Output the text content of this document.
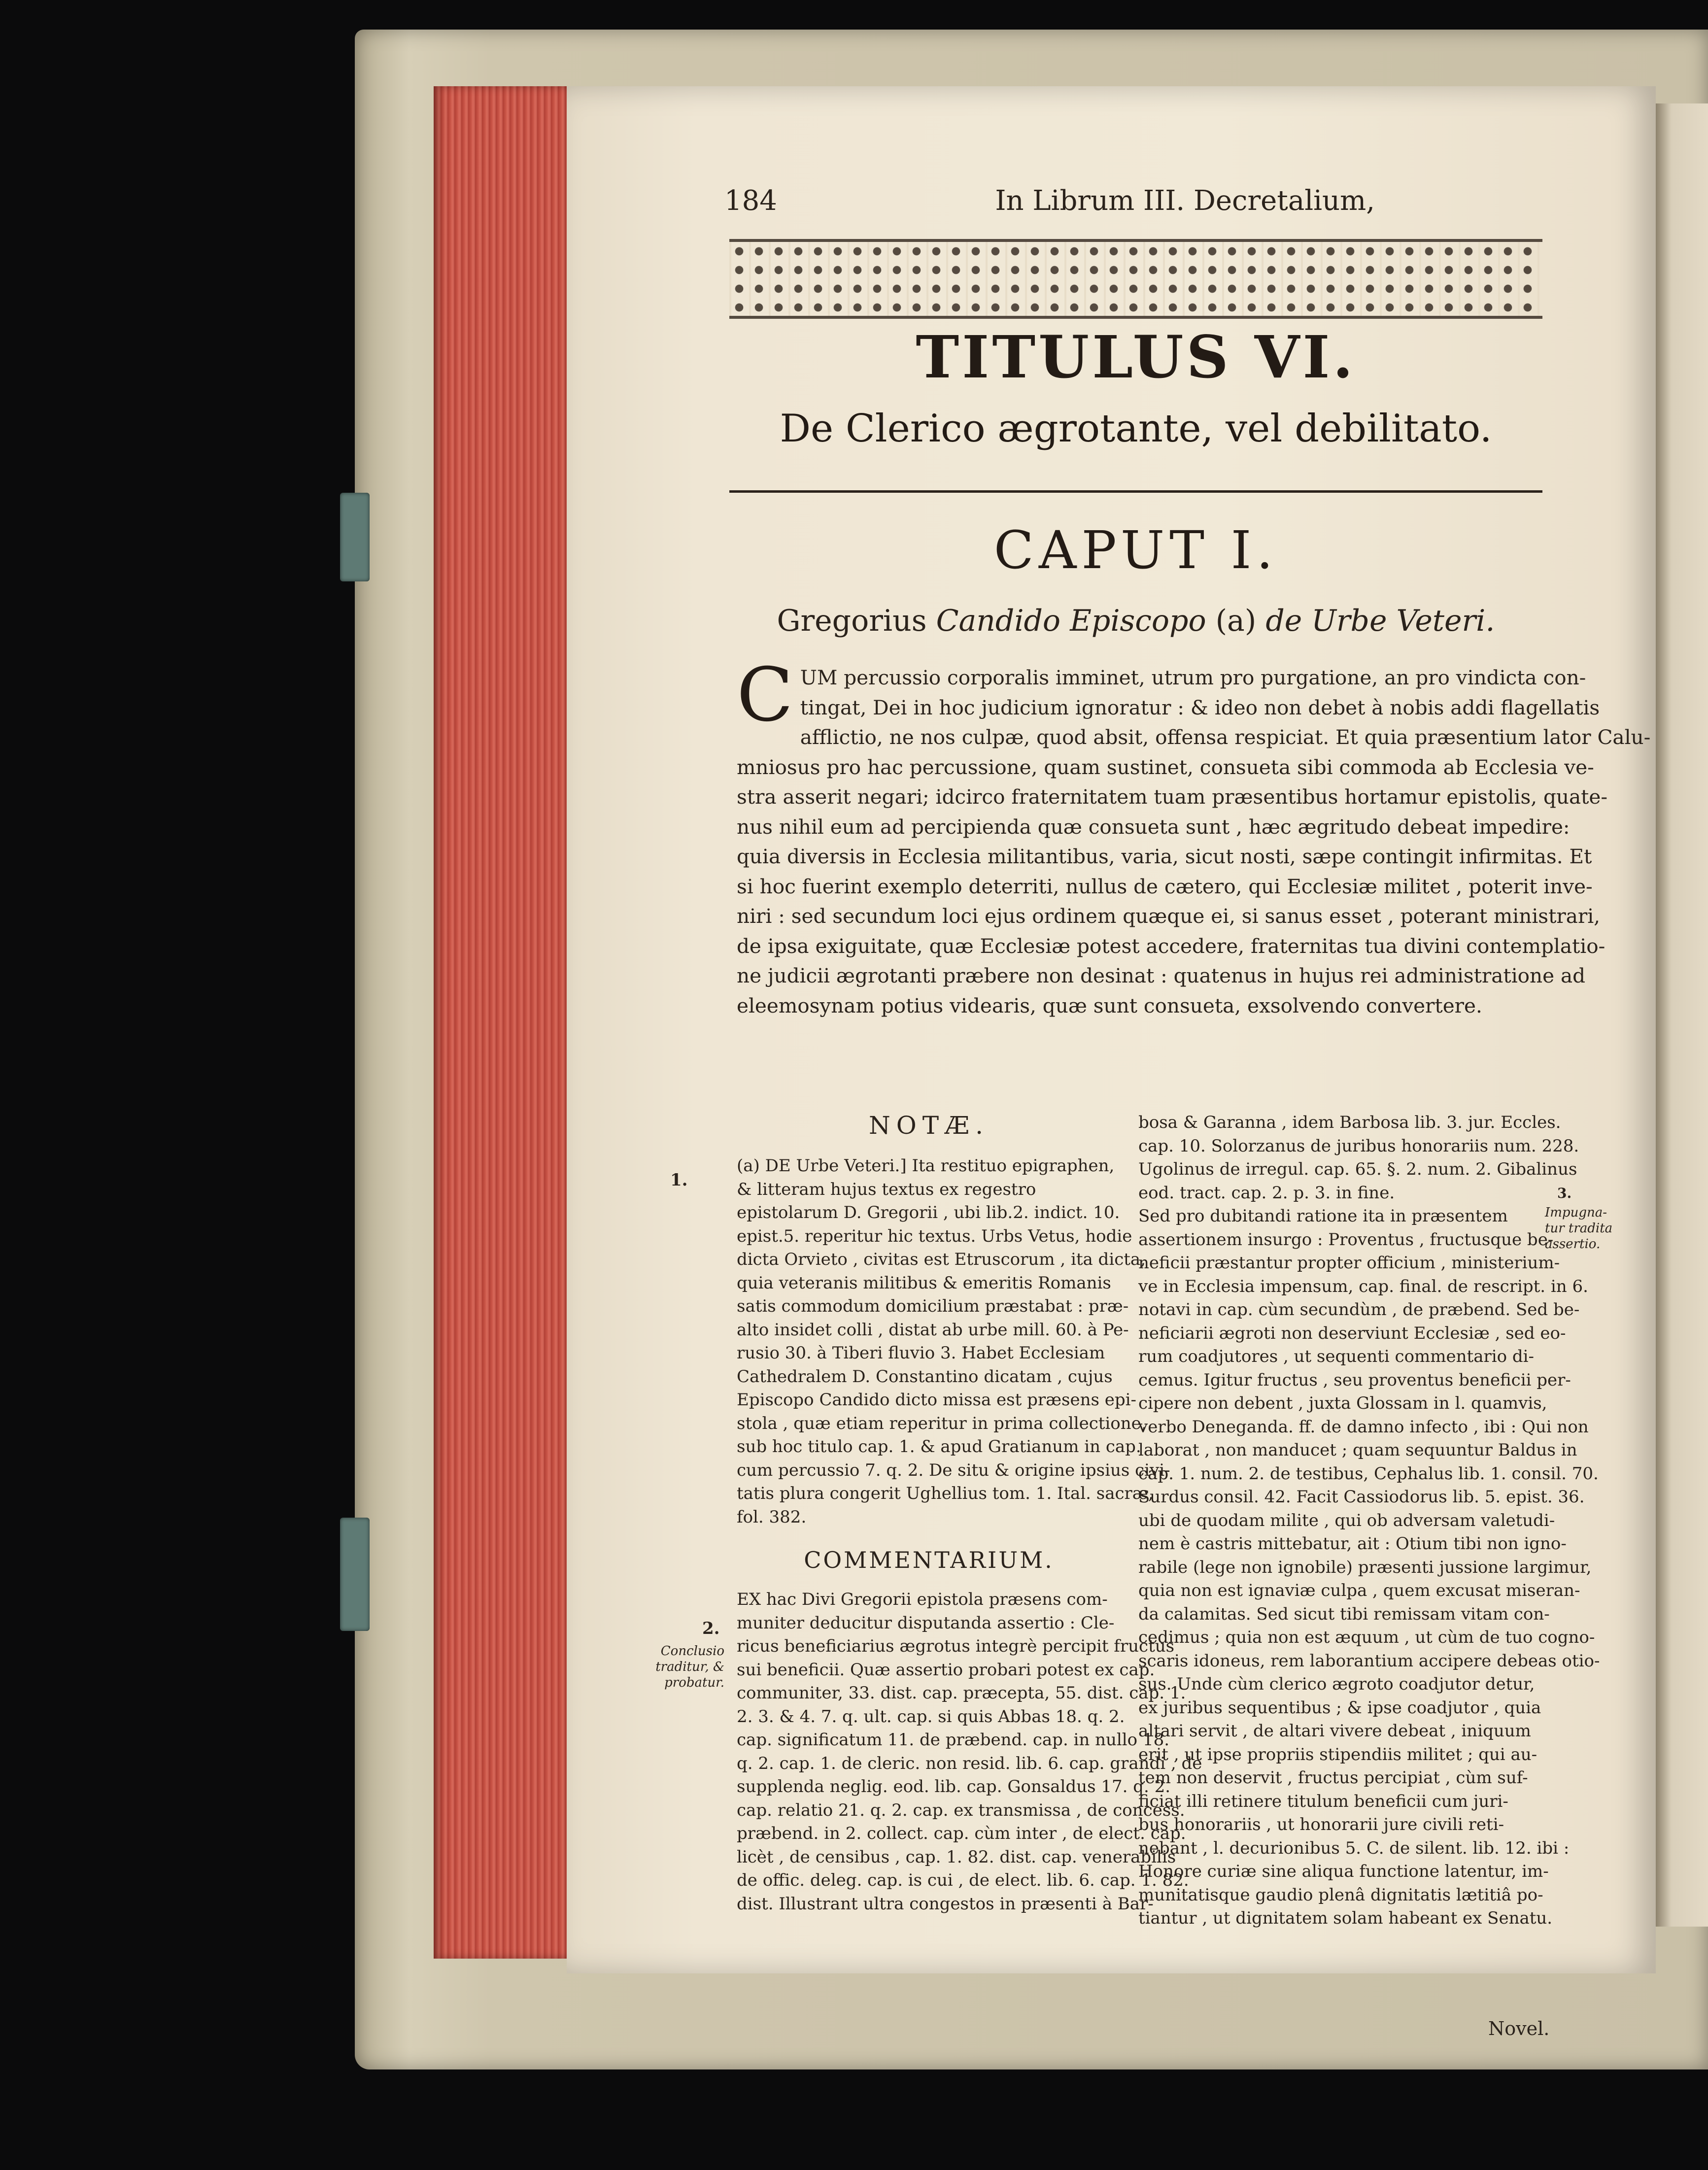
184	In Librum III. Decretalium,
TITULUS VI.
De Clerico ægrotante, vel debilitato.
CAPUT I.
Gregorius Candido Episcopo (a) de Urbe Veteri.
C UM percussio corporalis imminet, utrum pro purgatione, an pro vindicta con-
tingat, Dei in hoc judicium ignoratur : & ideo non debet à nobis addi flagellatis
afflictio, ne nos culpæ, quod absit, offensa respiciat. Et quia præsentium lator Calu-
mniosus pro hac percussione, quam sustinet, consueta sibi commoda ab Ecclesia ve-
stra asserit negari; idcirco fraternitatem tuam præsentibus hortamur epistolis, quate-
nus nihil eum ad percipienda quæ consueta sunt , hæc ægritudo debeat impedire:
quia diversis in Ecclesia militantibus, varia, sicut nosti, sæpe contingit infirmitas. Et
si hoc fuerint exemplo deterriti, nullus de cætero, qui Ecclesiæ militet , poterit inve-
niri : sed secundum loci ejus ordinem quæque ei, si sanus esset , poterant ministrari,
de ipsa exiguitate, quæ Ecclesiæ potest accedere, fraternitas tua divini contemplatio-
ne judicii ægrotanti præbere non desinat : quatenus in hujus rei administratione ad
eleemosynam potius videaris, quæ sunt consueta, exsolvendo convertere.
1.
NOTÆ.
(a) DE Urbe Veteri.] Ita restituo epigraphen,
& litteram hujus textus ex regestro
epistolarum D. Gregorii , ubi lib.2. indict. 10.
epist.5. reperitur hic textus. Urbs Vetus, hodie
dicta Orvieto , civitas est Etruscorum , ita dicta,
quia veteranis militibus & emeritis Romanis
satis commodum domicilium præstabat : præ-
alto insidet colli , distat ab urbe mill. 60. à Pe-
rusio 30. à Tiberi fluvio 3. Habet Ecclesiam
Cathedralem D. Constantino dicatam , cujus
Episcopo Candido dicto missa est præsens epi-
stola , quæ etiam reperitur in prima collectione,
sub hoc titulo cap. 1. & apud Gratianum in cap.
cum percussio 7. q. 2. De situ & origine ipsius civi-
tatis plura congerit Ughellius tom. 1. Ital. sacræ,
fol. 382.
COMMENTARIUM.
EX hac Divi Gregorii epistola præsens com-
muniter deducitur disputanda assertio : Cle-
ricus beneficiarius ægrotus integrè percipit fructus
sui beneficii. Quæ assertio probari potest ex cap.
communiter, 33. dist. cap. præcepta, 55. dist. cap. 1.
2. 3. & 4. 7. q. ult. cap. si quis Abbas 18. q. 2.
cap. significatum 11. de præbend. cap. in nullo 18.
q. 2. cap. 1. de cleric. non resid. lib. 6. cap. grandi , de
supplenda neglig. eod. lib. cap. Gonsaldus 17. q. 2.
cap. relatio 21. q. 2. cap. ex transmissa , de concess.
præbend. in 2. collect. cap. cùm inter , de elect. cap.
licèt , de censibus , cap. 1. 82. dist. cap. venerabilis
de offic. deleg. cap. is cui , de elect. lib. 6. cap. 1. 82.
dist. Illustrant ultra congestos in præsenti à Bar-
2.
Conclusio
traditur, &
probatur.
bosa & Garanna , idem Barbosa lib. 3. jur. Eccles.
cap. 10. Solorzanus de juribus honorariis num. 228.
Ugolinus de irregul. cap. 65. §. 2. num. 2. Gibalinus
eod. tract. cap. 2. p. 3. in fine.
Sed pro dubitandi ratione ita in præsentem
assertionem insurgo : Proventus , fructusque be-
neficii præstantur propter officium , ministerium-
ve in Ecclesia impensum, cap. final. de rescript. in 6.
notavi in cap. cùm secundùm , de præbend. Sed be-
neficiarii ægroti non deserviunt Ecclesiæ , sed eo-
rum coadjutores , ut sequenti commentario di-
cemus. Igitur fructus , seu proventus beneficii per-
cipere non debent , juxta Glossam in l. quamvis,
verbo Deneganda. ff. de damno infecto , ibi : Qui non
laborat , non manducet ; quam sequuntur Baldus in
cap. 1. num. 2. de testibus, Cephalus lib. 1. consil. 70.
Surdus consil. 42. Facit Cassiodorus lib. 5. epist. 36.
ubi de quodam milite , qui ob adversam valetudi-
nem è castris mittebatur, ait : Otium tibi non igno-
rabile (lege non ignobile) præsenti jussione largimur,
quia non est ignaviæ culpa , quem excusat miseran-
da calamitas. Sed sicut tibi remissam vitam con-
cedimus ; quia non est æquum , ut cùm de tuo cogno-
scaris idoneus, rem laborantium accipere debeas otio-
sus. Unde cùm clerico ægroto coadjutor detur,
ex juribus sequentibus ; & ipse coadjutor , quia
altari servit , de altari vivere debeat , iniquum
erit , ut ipse propriis stipendiis militet ; qui au-
tem non deservit , fructus percipiat , cùm suf-
ficiat illi retinere titulum beneficii cum juri-
bus honorariis , ut honorarii jure civili reti-
nebant , l. decurionibus 5. C. de silent. lib. 12. ibi :
Honore curiæ sine aliqua functione latentur, im-
munitatisque gaudio plenâ dignitatis lætitiâ po-
tiantur , ut dignitatem solam habeant ex Senatu.
3.
Impugna-
tur tradita
assertio.
Novel.
